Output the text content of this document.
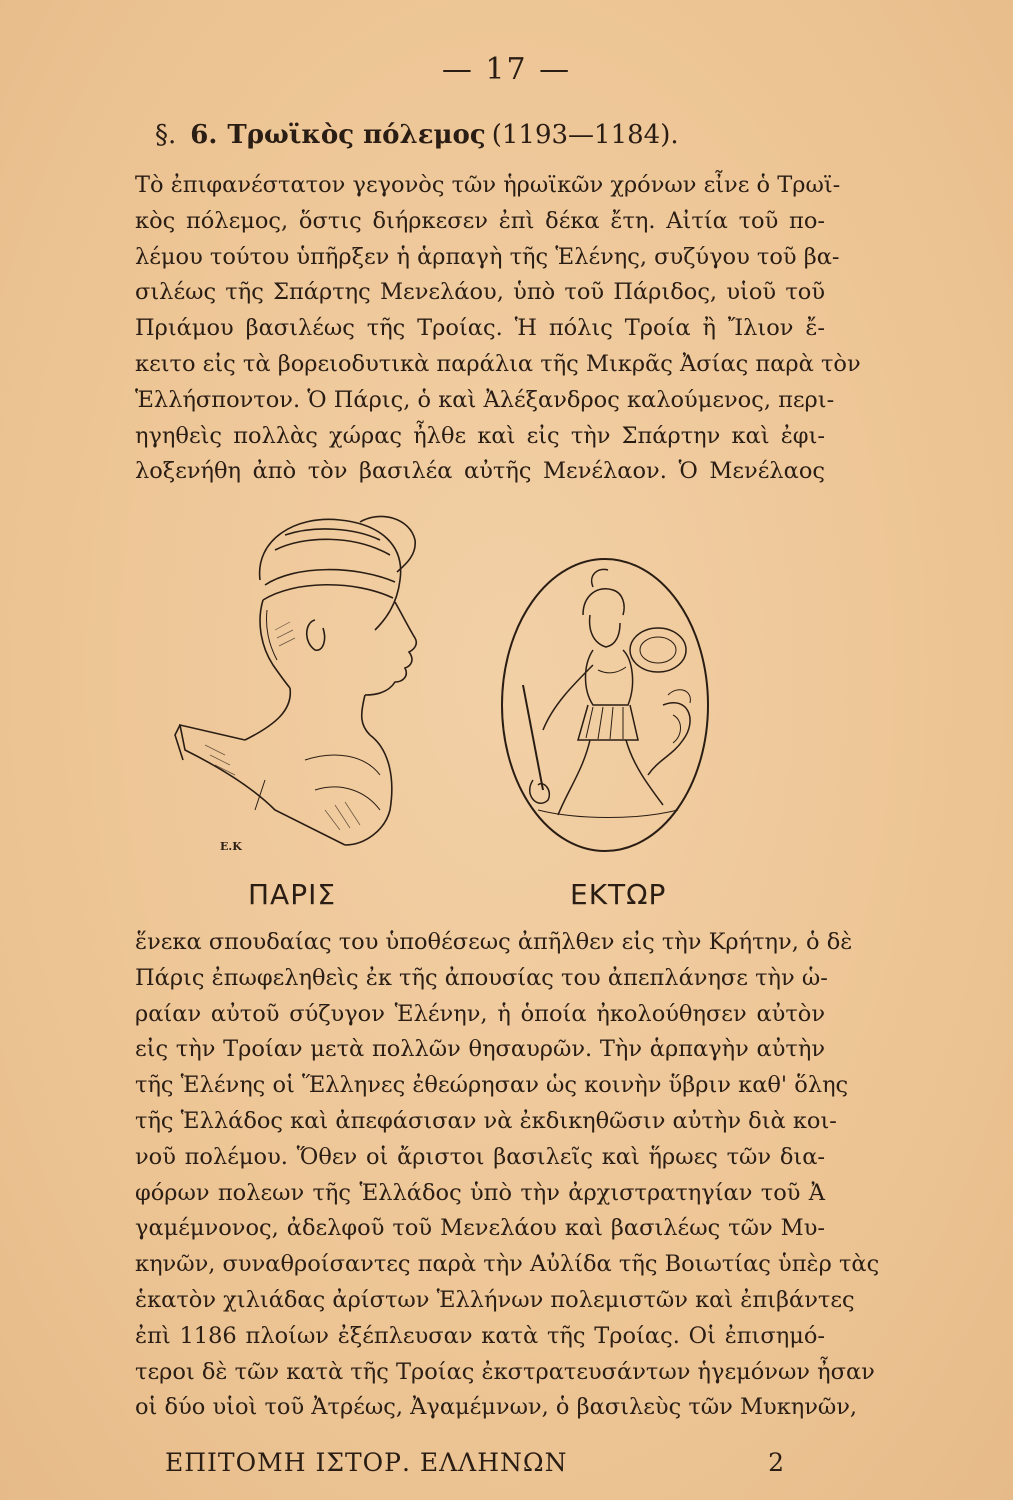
— 17 —
§. 6. Τρωϊκὸς πόλεμος (1193—1184).
Τὸ ἐπιφανέστατον γεγονὸς τῶν ἡρωϊκῶν χρόνων εἶνε ὁ Τρωϊ-
κὸς πόλεμος, ὅστις διήρκεσεν ἐπὶ δέκα ἔτη. Αἰτία τοῦ πο-
λέμου τούτου ὑπῆρξεν ἡ ἁρπαγὴ τῆς Ἑλένης, συζύγου τοῦ βα-
σιλέως τῆς Σπάρτης Μενελάου, ὑπὸ τοῦ Πάριδος, υἱοῦ τοῦ
Πριάμου βασιλέως τῆς Τροίας. Ἡ πόλις Τροία ἢ Ἴλιον ἔ-
κειτο εἰς τὰ βορειοδυτικὰ παράλια τῆς Μικρᾶς Ἀσίας παρὰ τὸν
Ἑλλήσποντον. Ὁ Πάρις, ὁ καὶ Ἀλέξανδρος καλούμενος, περι-
ηγηθεὶς πολλὰς χώρας ἦλθε καὶ εἰς τὴν Σπάρτην καὶ ἐφι-
λοξενήθη ἀπὸ τὸν βασιλέα αὐτῆς Μενέλαον. Ὁ Μενέλαος
E.K
ΠΑΡΙΣ	ΕΚΤΩΡ
ἕνεκα σπουδαίας του ὑποθέσεως ἀπῆλθεν εἰς τὴν Κρήτην, ὁ δὲ
Πάρις ἐπωφεληθεὶς ἐκ τῆς ἀπουσίας του ἀπεπλάνησε τὴν ὡ-
ραίαν αὐτοῦ σύζυγον Ἑλένην, ἡ ὁποία ἠκολούθησεν αὐτὸν
εἰς τὴν Τροίαν μετὰ πολλῶν θησαυρῶν. Τὴν ἁρπαγὴν αὐτὴν
τῆς Ἑλένης οἱ Ἕλληνες ἐθεώρησαν ὡς κοινὴν ὕβριν καθ' ὅλης
τῆς Ἑλλάδος καὶ ἀπεφάσισαν νὰ ἐκδικηθῶσιν αὐτὴν διὰ κοι-
νοῦ πολέμου. Ὅθεν οἱ ἄριστοι βασιλεῖς καὶ ἥρωες τῶν δια-
φόρων πολεων τῆς Ἑλλάδος ὑπὸ τὴν ἀρχιστρατηγίαν τοῦ Ἀ
γαμέμνονος, ἀδελφοῦ τοῦ Μενελάου καὶ βασιλέως τῶν Μυ-
κηνῶν, συναθροίσαντες παρὰ τὴν Αὐλίδα τῆς Βοιωτίας ὑπὲρ τὰς
ἑκατὸν χιλιάδας ἀρίστων Ἑλλήνων πολεμιστῶν καὶ ἐπιβάντες
ἐπὶ 1186 πλοίων ἐξέπλευσαν κατὰ τῆς Τροίας. Οἱ ἐπισημό-
τεροι δὲ τῶν κατὰ τῆς Τροίας ἐκστρατευσάντων ἡγεμόνων ἦσαν
οἱ δύο υἱοὶ τοῦ Ἀτρέως, Ἀγαμέμνων, ὁ βασιλεὺς τῶν Μυκηνῶν,
ΕΠΙΤΟΜΗ ΙΣΤΟΡ. ΕΛΛΗΝΩΝ	2
